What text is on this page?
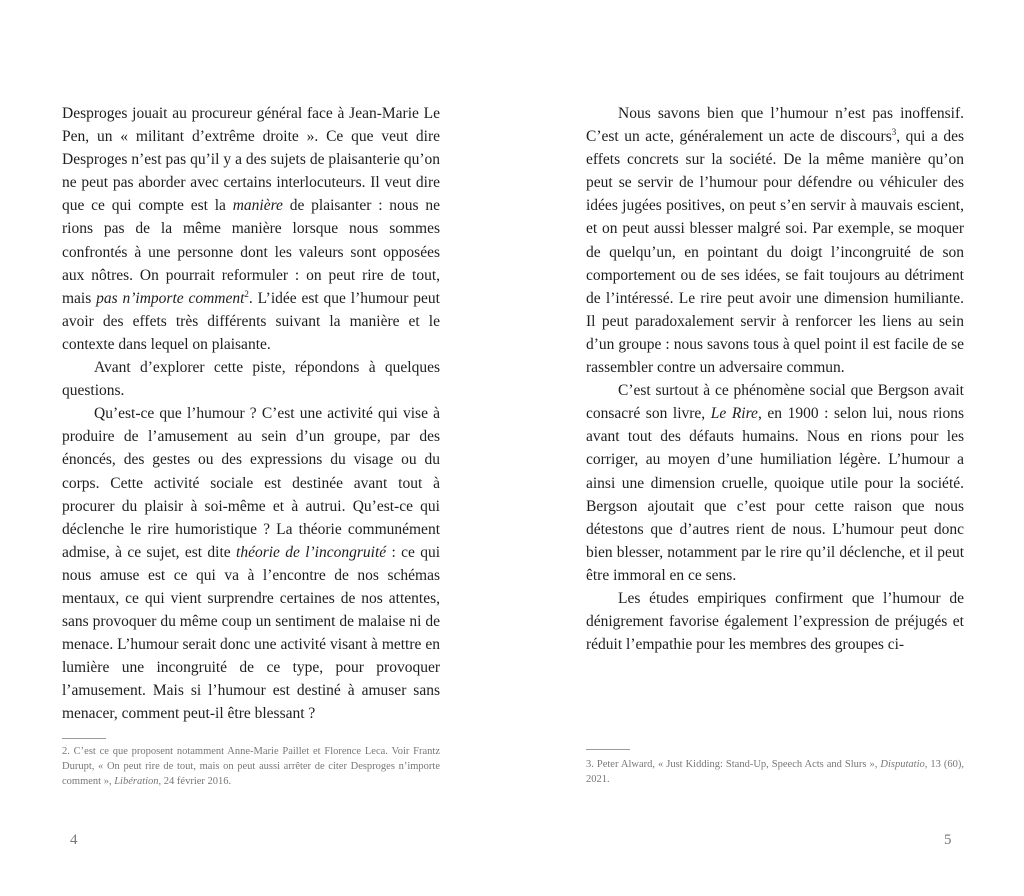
Desproges jouait au procureur général face à Jean-Marie Le Pen, un « militant d’extrême droite ». Ce que veut dire Desproges n’est pas qu’il y a des sujets de plaisanterie qu’on ne peut pas aborder avec certains interlocuteurs. Il veut dire que ce qui compte est la manière de plaisanter : nous ne rions pas de la même manière lorsque nous sommes confrontés à une personne dont les valeurs sont opposées aux nôtres. On pourrait reformuler : on peut rire de tout, mais pas n’importe comment$^2$. L’idée est que l’humour peut avoir des effets très différents suivant la manière et le contexte dans lequel on plaisante.

Avant d’explorer cette piste, répondons à quelques questions.

Qu’est-ce que l’humour ? C’est une activité qui vise à produire de l’amusement au sein d’un groupe, par des énoncés, des gestes ou des expressions du visage ou du corps. Cette activité sociale est destinée avant tout à procurer du plaisir à soi-même et à autrui. Qu’est-ce qui déclenche le rire humoristique ? La théorie communément admise, à ce sujet, est dite théorie de l’incongruité : ce qui nous amuse est ce qui va à l’encontre de nos schémas mentaux, ce qui vient surprendre certaines de nos attentes, sans provoquer du même coup un sentiment de malaise ni de menace. L’humour serait donc une activité visant à mettre en lumière une incongruité de ce type, pour provoquer l’amusement. Mais si l’humour est destiné à amuser sans menacer, comment peut-il être blessant ?

2. C’est ce que proposent notamment Anne-Marie Paillet et Florence Leca. Voir Frantz Durupt, « On peut rire de tout, mais on peut aussi arrêter de citer Desproges n’importe comment », Libération, 24 février 2016.
4

Nous savons bien que l’humour n’est pas inoffensif. C’est un acte, généralement un acte de discours$^3$, qui a des effets concrets sur la société. De la même manière qu’on peut se servir de l’humour pour défendre ou véhiculer des idées jugées positives, on peut s’en servir à mauvais escient, et on peut aussi blesser malgré soi. Par exemple, se moquer de quelqu’un, en pointant du doigt l’incongruité de son comportement ou de ses idées, se fait toujours au détriment de l’intéressé. Le rire peut avoir une dimension humiliante. Il peut paradoxalement servir à renforcer les liens au sein d’un groupe : nous savons tous à quel point il est facile de se rassembler contre un adversaire commun.

C’est surtout à ce phénomène social que Bergson avait consacré son livre, Le Rire, en 1900 : selon lui, nous rions avant tout des défauts humains. Nous en rions pour les corriger, au moyen d’une humiliation légère. L’humour a ainsi une dimension cruelle, quoique utile pour la société. Bergson ajoutait que c’est pour cette raison que nous détestons que d’autres rient de nous. L’humour peut donc bien blesser, notamment par le rire qu’il déclenche, et il peut être immoral en ce sens.

Les études empiriques confirment que l’humour de dénigrement favorise également l’expression de préjugés et réduit l’empathie pour les membres des groupes ci-

3. Peter Alward, « Just Kidding: Stand-Up, Speech Acts and Slurs », Disputatio, 13 (60), 2021.
5
